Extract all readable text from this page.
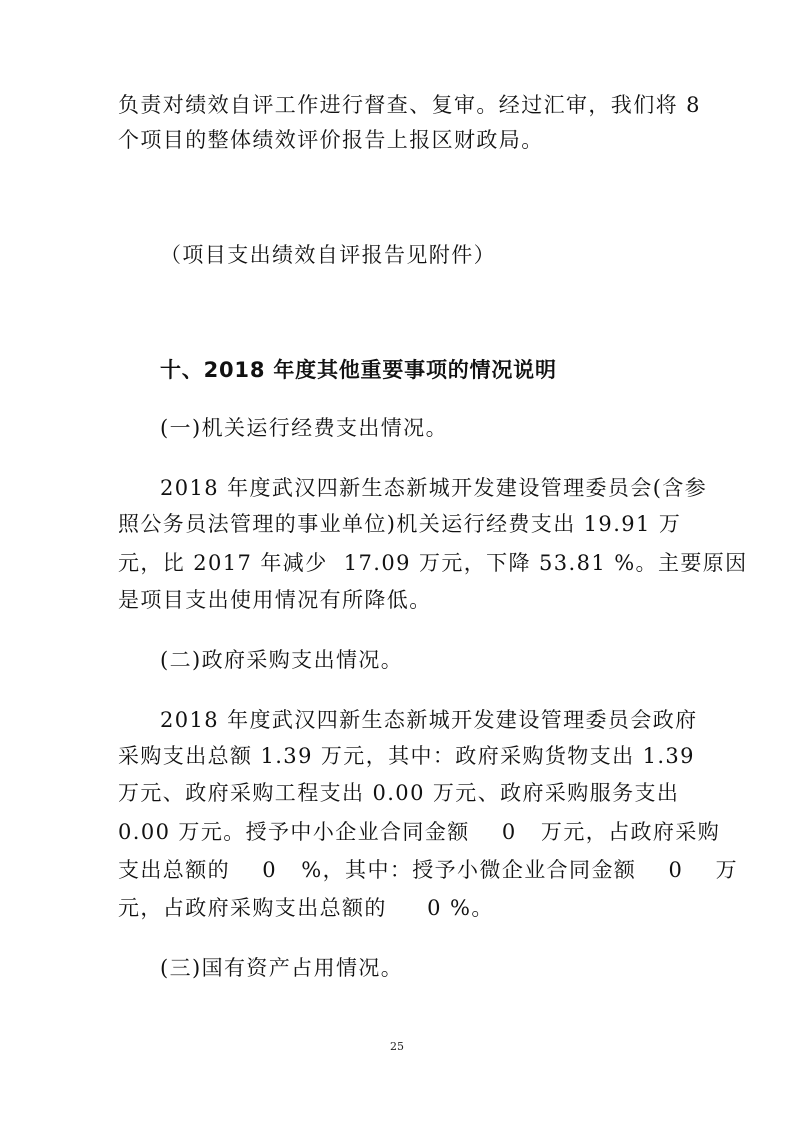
负责对绩效自评工作进行督查、复审。经过汇审，我们将 8
个项目的整体绩效评价报告上报区财政局。
（项目支出绩效自评报告见附件）
十、2018 年度其他重要事项的情况说明
(一)机关运行经费支出情况。
2018 年度武汉四新生态新城开发建设管理委员会(含参
照公务员法管理的事业单位)机关运行经费支出 19.91 万
元，比 2017 年减少  17.09 万元，下降 53.81 %。主要原因
是项目支出使用情况有所降低。
(二)政府采购支出情况。
2018 年度武汉四新生态新城开发建设管理委员会政府
采购支出总额 1.39 万元，其中：政府采购货物支出 1.39
万元、政府采购工程支出 0.00 万元、政府采购服务支出
0.00 万元。授予中小企业合同金额    0   万元，占政府采购
支出总额的    0   %，其中：授予小微企业合同金额    0    万
元，占政府采购支出总额的     0 %。
(三)国有资产占用情况。
25
